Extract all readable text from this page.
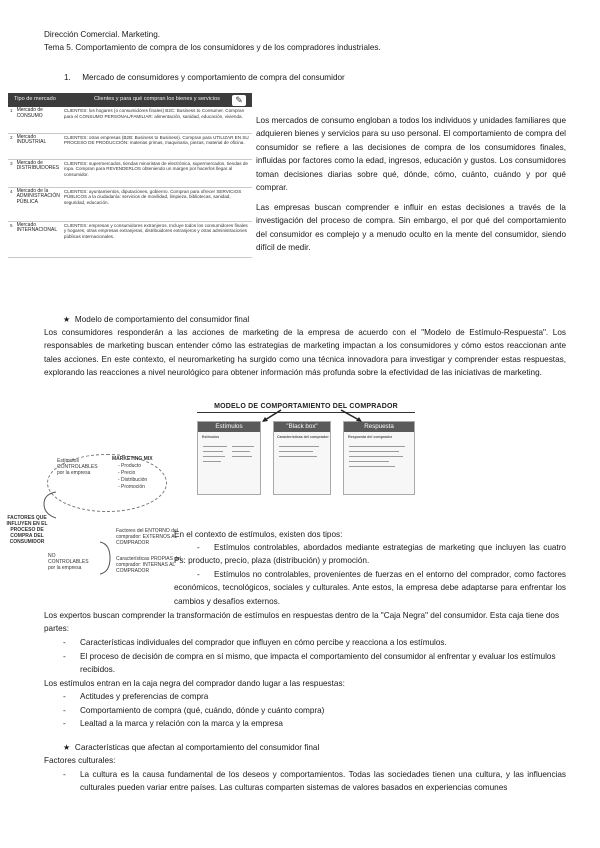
Dirección Comercial. Marketing.
Tema 5. Comportamiento de compra de los consumidores y de los compradores industriales.
1.     Mercado de consumidores y comportamiento de compra del consumidor
Tipo de mercado		Clientes y para qué compran los bienes y servicios
1	Mercado de CONSUMO	CLIENTES: los hogares (o consumidores finales) B2C: Business to Consumer. Compran para el CONSUMO PERSONAL/FAMILIAR: alimentación, sanidad, educación, vivienda.
2	Mercado INDUSTRIAL	CLIENTES: otras empresas (B2B: Business to Business). Compran para UTILIZAR EN SU PROCESO DE PRODUCCIÓN: materias primas, maquinaria, piezas, material de oficina.
3	Mercado de DISTRIBUIDORES	CLIENTES: supermercados, tiendas minoristas de electrónica, supermercados, tiendas de ropa. Compran para REVENDERLOS obteniendo un margen por hacerlos llegar al consumidor.
4	Mercado de la ADMINISTRACIÓN PÚBLICA	CLIENTES: ayuntamientos, diputaciones, gobierno. Compran para ofrecer SERVICIOS PÚBLICOS a la ciudadanía: servicios de movilidad, limpieza, bibliotecas, sanidad, seguridad, educación.
5	Mercado INTERNACIONAL	CLIENTES: empresas y consumidores extranjeros. Incluye todos los consumidores finales y hogares, otras empresas extranjeras, distribuidores extranjeros y otras administraciones públicas internacionales.
✎
Los mercados de consumo engloban a todos los individuos y unidades familiares que adquieren bienes y servicios para su uso personal. El comportamiento de compra del consumidor se refiere a las decisiones de compra de los consumidores finales, influidas por factores como la edad, ingresos, educación y gustos. Los consumidores toman decisiones diarias sobre qué, dónde, cómo, cuánto, cuándo y por qué comprar.
Las empresas buscan comprender e influir en estas decisiones a través de la investigación del proceso de compra. Sin embargo, el por qué del comportamiento del consumidor es complejo y a menudo oculto en la mente del consumidor, siendo difícil de medir.
★ Modelo de comportamiento del consumidor final
Los consumidores responderán a las acciones de marketing de la empresa de acuerdo con el "Modelo de Estímulo-Respuesta". Los responsables de marketing buscan entender cómo las estrategias de marketing impactan a los consumidores y cómo estos reaccionan ante tales acciones. En este contexto, el neuromarketing ha surgido como una técnica innovadora para investigar y comprender estas respuestas, explorando las reacciones a nivel neurológico para obtener información más profunda sobre la efectividad de las iniciativas de marketing.
MODELO DE COMPORTAMIENTO DEL COMPRADOR
Estímulos
Estímulos
"Black box"
Características del comprador
Respuesta
Respuesta del comprador
Estímulos CONTROLABLES por la empresa
MARKETING MIX
- Producto
- Precio
- Distribución
- Promoción
FACTORES QUE INFLUYEN EN EL PROCESO DE COMPRA DEL CONSUMIDOR
NO CONTROLABLES por la empresa
Factores del ENTORNO del comprador: EXTERNOS AL COMPRADOR
Características PROPIAS del comprador: INTERNAS AL COMPRADOR
En el contexto de estímulos, existen dos tipos:
-	Estímulos controlables, abordados mediante estrategias de marketing que incluyen las cuatro Ps: producto, precio, plaza (distribución) y promoción.
-	Estímulos no controlables, provenientes de fuerzas en el entorno del comprador, como factores económicos, tecnológicos, sociales y culturales. Ante estos, la empresa debe adaptarse para enfrentar los cambios y desafíos externos.
Los expertos buscan comprender la transformación de estímulos en respuestas dentro de la "Caja Negra" del consumidor. Esta caja tiene dos partes:
- Características individuales del comprador que influyen en cómo percibe y reacciona a los estímulos.
- El proceso de decisión de compra en sí mismo, que impacta el comportamiento del consumidor al enfrentar y evaluar los estímulos recibidos.
Los estímulos entran en la caja negra del comprador dando lugar a las respuestas:
- Actitudes y preferencias de compra
- Comportamiento de compra (qué, cuándo, dónde y cuánto compra)
- Lealtad a la marca y relación con la marca y la empresa
★ Características que afectan al comportamiento del consumidor final
Factores culturales:
- La cultura es la causa fundamental de los deseos y comportamientos. Todas las sociedades tienen una cultura, y las influencias culturales pueden variar entre países. Las culturas comparten sistemas de valores basados en experiencias comunes
